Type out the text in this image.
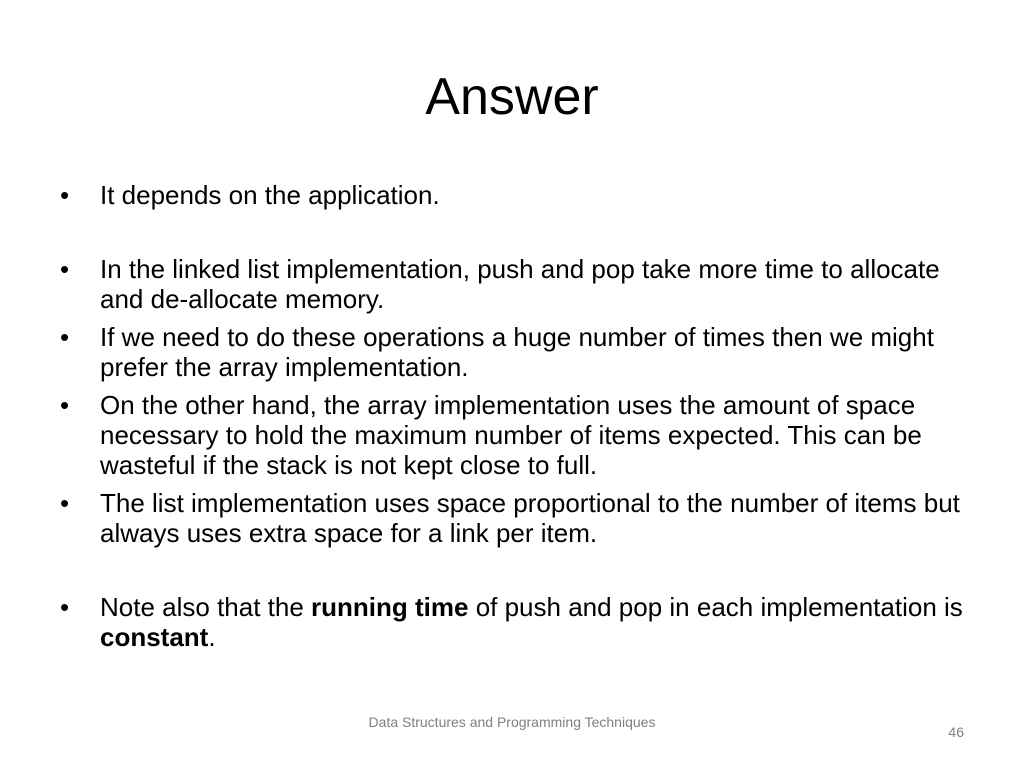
Answer
• It depends on the application.
• In the linked list implementation, push and pop take more time to allocate and de-allocate memory.
• If we need to do these operations a huge number of times then we might prefer the array implementation.
• On the other hand, the array implementation uses the amount of space necessary to hold the maximum number of items expected. This can be wasteful if the stack is not kept close to full.
• The list implementation uses space proportional to the number of items but always uses extra space for a link per item.
• Note also that the running time of push and pop in each implementation is constant.
Data Structures and Programming Techniques
46
